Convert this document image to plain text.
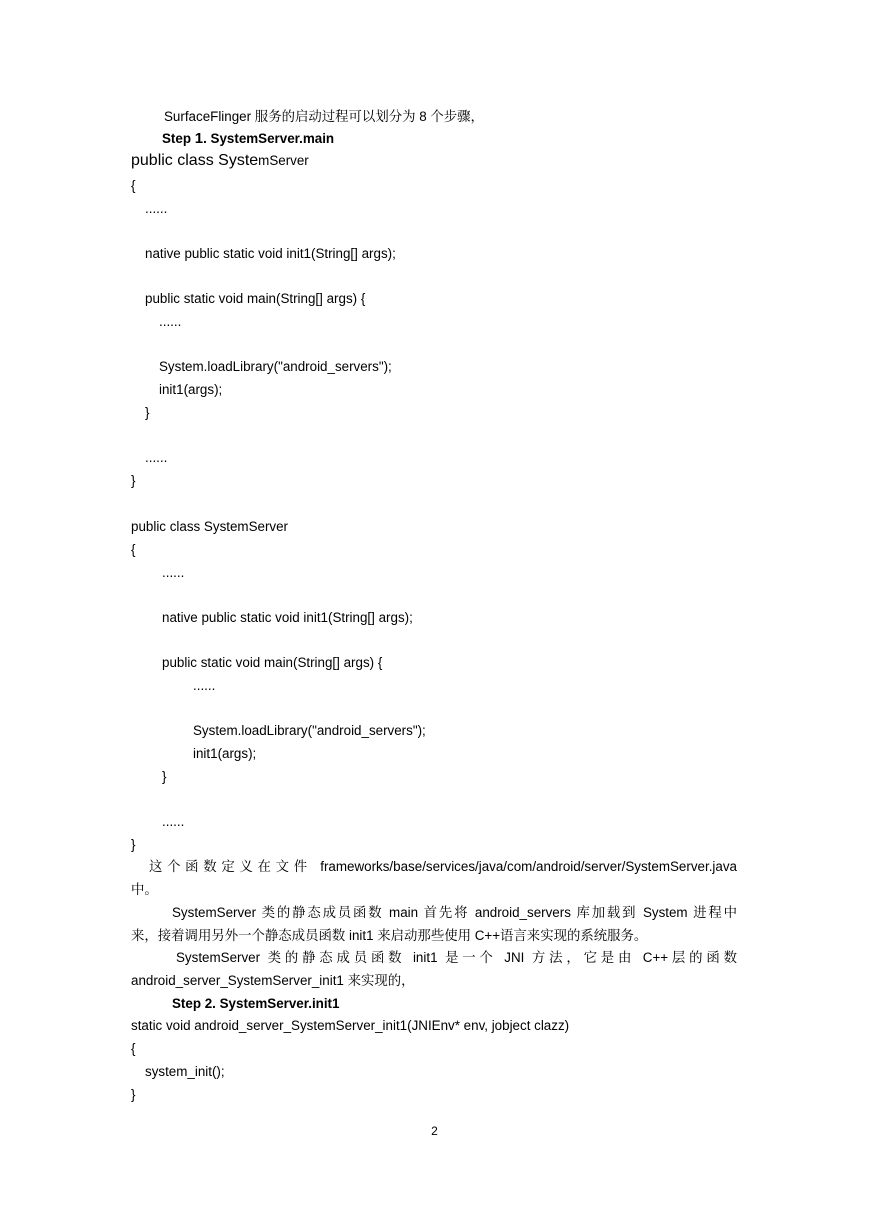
SurfaceFlinger 服务的启动过程可以划分为 8 个步骤，
Step 1. SystemServer.main
public class SystemServer
{
......
native public static void init1(String[] args);
public static void main(String[] args) {
......
System.loadLibrary("android_servers");
init1(args);
}
......
}
public class SystemServer
{
......
native public static void init1(String[] args);
public static void main(String[] args) {
......
System.loadLibrary("android_servers");
init1(args);
}
......
}
这个函数定义在文件 frameworks/base/services/java/com/android/server/SystemServer.java
中。
SystemServer 类的静态成员函数 main 首先将 android_servers 库加载到 System 进程中
来，接着调用另外一个静态成员函数 init1 来启动那些使用 C++语言来实现的系统服务。
SystemServer 类的静态成员函数 init1 是一个 JNI 方法，它是由 C++层的函数
android_server_SystemServer_init1 来实现的，
Step 2. SystemServer.init1
static void android_server_SystemServer_init1(JNIEnv* env, jobject clazz)
{
system_init();
}
2
